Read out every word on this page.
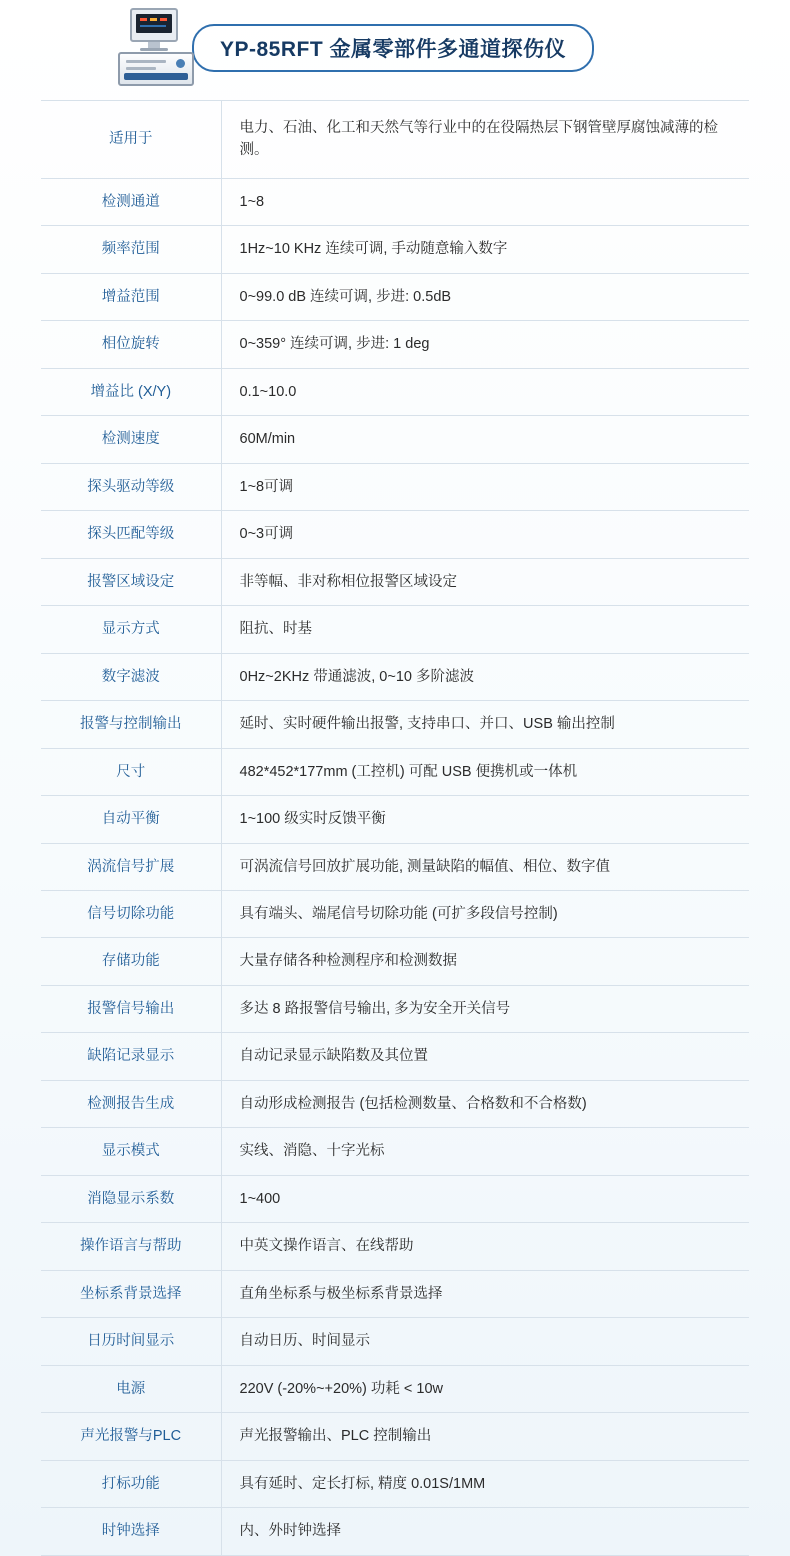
YP-85RFT 金属零部件多通道探伤仪
适用于	电力、石油、化工和天然气等行业中的在役隔热层下钢管壁厚腐蚀减薄的检测。
检测通道	1~8
频率范围	1Hz~10 KHz 连续可调, 手动随意输入数字
增益范围	0~99.0 dB 连续可调, 步进: 0.5dB
相位旋转	0~359° 连续可调, 步进: 1 deg
增益比 (X/Y)	0.1~10.0
检测速度	60M/min
探头驱动等级	1~8可调
探头匹配等级	0~3可调
报警区域设定	非等幅、非对称相位报警区域设定
显示方式	阻抗、时基
数字滤波	0Hz~2KHz 带通滤波, 0~10 多阶滤波
报警与控制输出	延时、实时硬件输出报警, 支持串口、并口、USB 输出控制
尺寸	482*452*177mm (工控机) 可配 USB 便携机或一体机
自动平衡	1~100 级实时反馈平衡
涡流信号扩展	可涡流信号回放扩展功能, 测量缺陷的幅值、相位、数字值
信号切除功能	具有端头、端尾信号切除功能 (可扩多段信号控制)
存储功能	大量存储各种检测程序和检测数据
报警信号输出	多达 8 路报警信号输出, 多为安全开关信号
缺陷记录显示	自动记录显示缺陷数及其位置
检测报告生成	自动形成检测报告 (包括检测数量、合格数和不合格数)
显示模式	实线、消隐、十字光标
消隐显示系数	1~400
操作语言与帮助	中英文操作语言、在线帮助
坐标系背景选择	直角坐标系与极坐标系背景选择
日历时间显示	自动日历、时间显示
电源	220V (-20%~+20%) 功耗 < 10w
声光报警与PLC	声光报警输出、PLC 控制输出
打标功能	具有延时、定长打标, 精度 0.01S/1MM
时钟选择	内、外时钟选择
